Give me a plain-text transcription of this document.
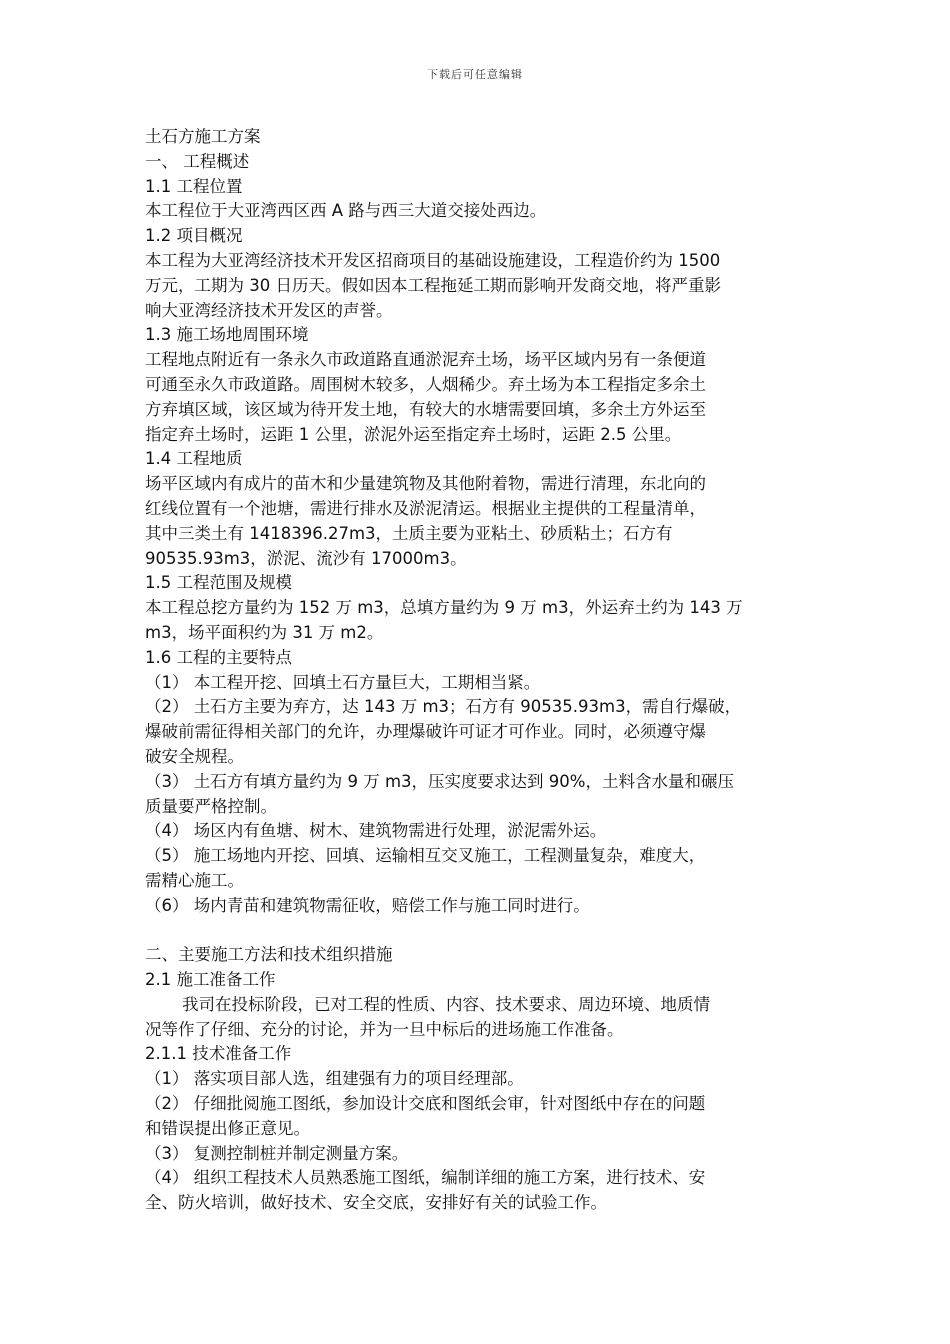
下载后可任意编辑
土石方施工方案
一、 工程概述
1.1 工程位置
本工程位于大亚湾西区西 A 路与西三大道交接处西边。
1.2 项目概况
本工程为大亚湾经济技术开发区招商项目的基础设施建设，工程造价约为 1500
万元，工期为 30 日历天。假如因本工程拖延工期而影响开发商交地，将严重影
响大亚湾经济技术开发区的声誉。
1.3 施工场地周围环境
工程地点附近有一条永久市政道路直通淤泥弃土场，场平区域内另有一条便道
可通至永久市政道路。周围树木较多，人烟稀少。弃土场为本工程指定多余土
方弃填区域，该区域为待开发土地，有较大的水塘需要回填，多余土方外运至
指定弃土场时，运距 1 公里，淤泥外运至指定弃土场时，运距 2.5 公里。
1.4 工程地质
场平区域内有成片的苗木和少量建筑物及其他附着物，需进行清理，东北向的
红线位置有一个池塘，需进行排水及淤泥清运。根据业主提供的工程量清单，
其中三类土有 1418396.27m3，土质主要为亚粘土、砂质粘土；石方有
90535.93m3，淤泥、流沙有 17000m3。
1.5 工程范围及规模
本工程总挖方量约为 152 万 m3，总填方量约为 9 万 m3，外运弃土约为 143 万
m3，场平面积约为 31 万 m2。
1.6 工程的主要特点
（1） 本工程开挖、回填土石方量巨大，工期相当紧。
（2） 土石方主要为弃方，达 143 万 m3；石方有 90535.93m3，需自行爆破，
爆破前需征得相关部门的允许，办理爆破许可证才可作业。同时，必须遵守爆
破安全规程。
（3） 土石方有填方量约为 9 万 m3，压实度要求达到 90%，土料含水量和碾压
质量要严格控制。
（4） 场区内有鱼塘、树木、建筑物需进行处理，淤泥需外运。
（5） 施工场地内开挖、回填、运输相互交叉施工，工程测量复杂，难度大，
需精心施工。
（6） 场内青苗和建筑物需征收，赔偿工作与施工同时进行。
二、主要施工方法和技术组织措施
2.1 施工准备工作
我司在投标阶段，已对工程的性质、内容、技术要求、周边环境、地质情
况等作了仔细、充分的讨论，并为一旦中标后的进场施工作准备。
2.1.1 技术准备工作
（1） 落实项目部人选，组建强有力的项目经理部。
（2） 仔细批阅施工图纸，参加设计交底和图纸会审，针对图纸中存在的问题
和错误提出修正意见。
（3） 复测控制桩并制定测量方案。
（4） 组织工程技术人员熟悉施工图纸，编制详细的施工方案，进行技术、安
全、防火培训，做好技术、安全交底，安排好有关的试验工作。
